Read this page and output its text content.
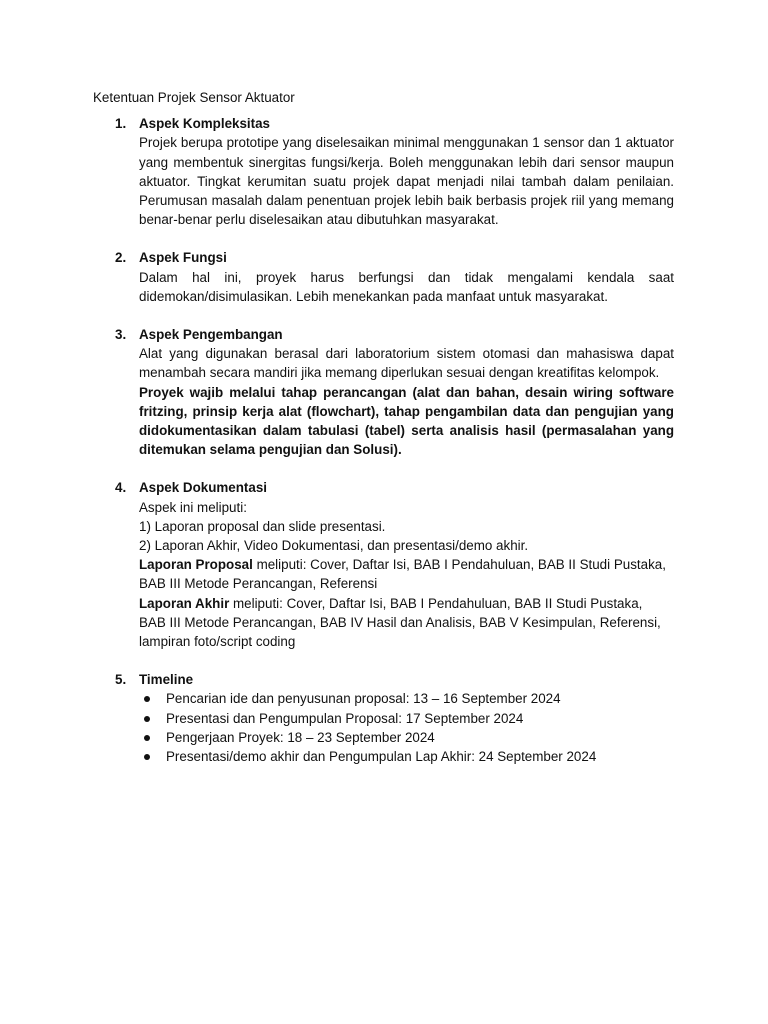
Ketentuan Projek Sensor Aktuator
1. Aspek Kompleksitas
Projek berupa prototipe yang diselesaikan minimal menggunakan 1 sensor dan 1 aktuator yang membentuk sinergitas fungsi/kerja. Boleh menggunakan lebih dari sensor maupun aktuator. Tingkat kerumitan suatu projek dapat menjadi nilai tambah dalam penilaian. Perumusan masalah dalam penentuan projek lebih baik berbasis projek riil yang memang benar-benar perlu diselesaikan atau dibutuhkan masyarakat.
2. Aspek Fungsi
Dalam hal ini, proyek harus berfungsi dan tidak mengalami kendala saat didemokan/disimulasikan. Lebih menekankan pada manfaat untuk masyarakat.
3. Aspek Pengembangan
Alat yang digunakan berasal dari laboratorium sistem otomasi dan mahasiswa dapat menambah secara mandiri jika memang diperlukan sesuai dengan kreatifitas kelompok.
Proyek wajib melalui tahap perancangan (alat dan bahan, desain wiring software fritzing, prinsip kerja alat (flowchart), tahap pengambilan data dan pengujian yang didokumentasikan dalam tabulasi (tabel) serta analisis hasil (permasalahan yang ditemukan selama pengujian dan Solusi).
4. Aspek Dokumentasi
Aspek ini meliputi:
1) Laporan proposal dan slide presentasi.
2) Laporan Akhir, Video Dokumentasi, dan presentasi/demo akhir.
Laporan Proposal meliputi: Cover, Daftar Isi, BAB I Pendahuluan, BAB II Studi Pustaka,
BAB III Metode Perancangan, Referensi
Laporan Akhir meliputi: Cover, Daftar Isi, BAB I Pendahuluan, BAB II Studi Pustaka,
BAB III Metode Perancangan, BAB IV Hasil dan Analisis, BAB V Kesimpulan, Referensi,
lampiran foto/script coding
5. Timeline
Pencarian ide dan penyusunan proposal: 13 – 16 September 2024
Presentasi dan Pengumpulan Proposal: 17 September 2024
Pengerjaan Proyek: 18 – 23 September 2024
Presentasi/demo akhir dan Pengumpulan Lap Akhir: 24 September 2024
